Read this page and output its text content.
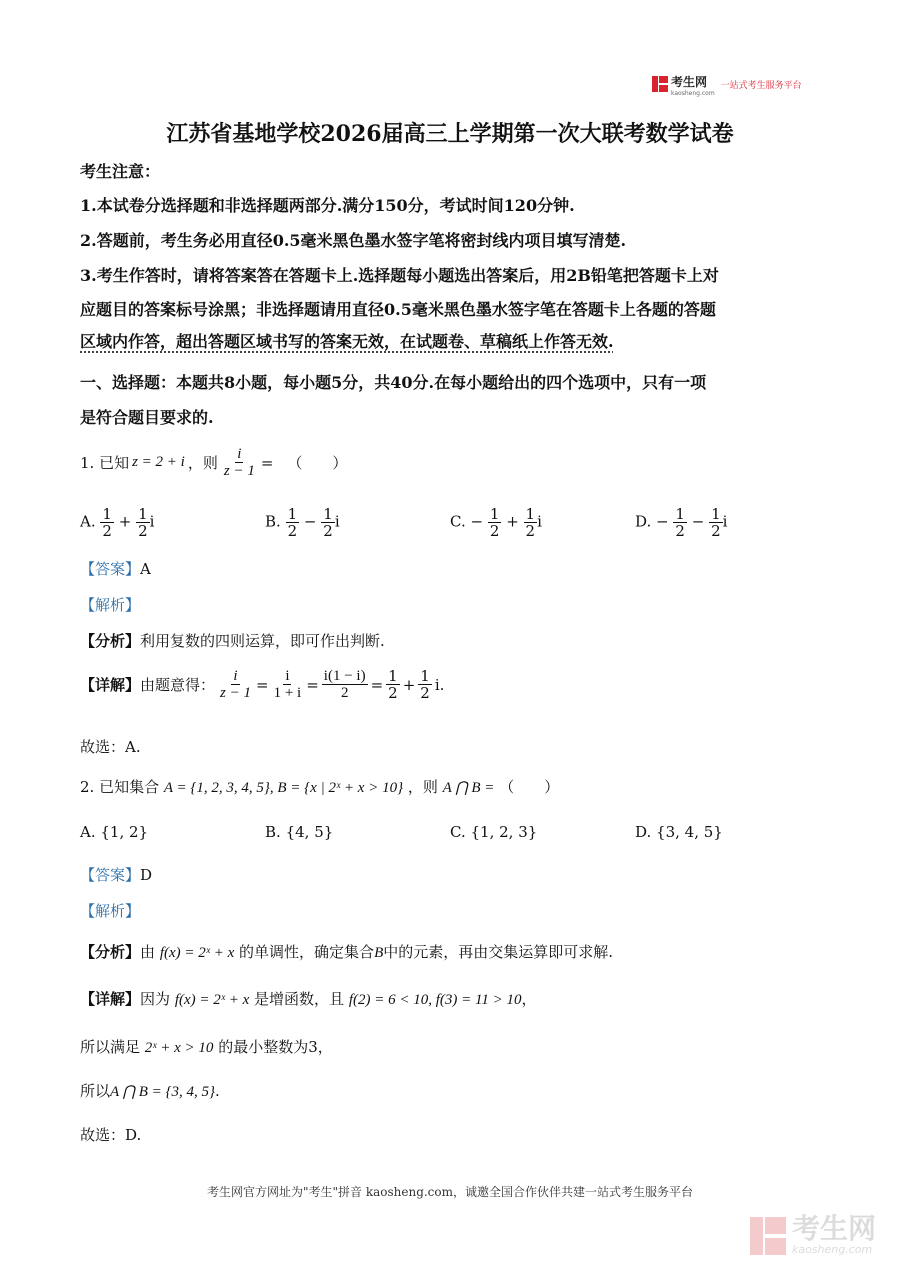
考生网
kaosheng.com
一站式考生服务平台
江苏省基地学校2026届高三上学期第一次大联考数学试卷
考生注意：
1.本试卷分选择题和非选择题两部分.满分150分，考试时间120分钟.
2.答题前，考生务必用直径0.5毫米黑色墨水签字笔将密封线内项目填写清楚.
3.考生作答时，请将答案答在答题卡上.选择题每小题选出答案后，用2B铅笔把答题卡上对
应题目的答案标号涂黑；非选择题请用直径0.5毫米黑色墨水签字笔在答题卡上各题的答题
区域内作答，超出答题区域书写的答案无效，在试题卷、草稿纸上作答无效.
一、选择题：本题共8小题，每小题5分，共40分.在每小题给出的四个选项中，只有一项
是符合题目要求的.
1. 已知 z = 2 + i ，则 $\frac{i}{z - 1}$ = （　　）
A. $\frac{1}{2} + \frac{1}{2}$ i	B. $\frac{1}{2} - \frac{1}{2}$ i	C. − $\frac{1}{2} + \frac{1}{2}$ i	D. − $\frac{1}{2} - \frac{1}{2}$ i
【答案】A
【解析】
【分析】利用复数的四则运算，即可作出判断.
【详解】 由题意得： $\frac{i}{z - 1} = \frac{i}{1 + i} = \frac{i(1 - i)}{2} = \frac{1}{2} + \frac{1}{2} i$.
故选：A.
2. 已知集合 A = {1, 2, 3, 4, 5}, B = {x | 2ˣ + x > 10} ，则 A ⋂ B = （　　）
A. {1, 2}	B. {4, 5}	C. {1, 2, 3}	D. {3, 4, 5}
【答案】D
【解析】
【分析】由 f(x) = 2ˣ + x 的单调性，确定集合B中的元素，再由交集运算即可求解.
【详解】因为 f(x) = 2ˣ + x 是增函数，且 f(2) = 6 < 10, f(3) = 11 > 10，
所以满足 2ˣ + x > 10 的最小整数为3，
所以A ⋂ B = {3, 4, 5}.
故选：D.
考生网官方网址为"考生"拼音 kaosheng.com，诚邀全国合作伙伴共建一站式考生服务平台
考生网
kaosheng.com
